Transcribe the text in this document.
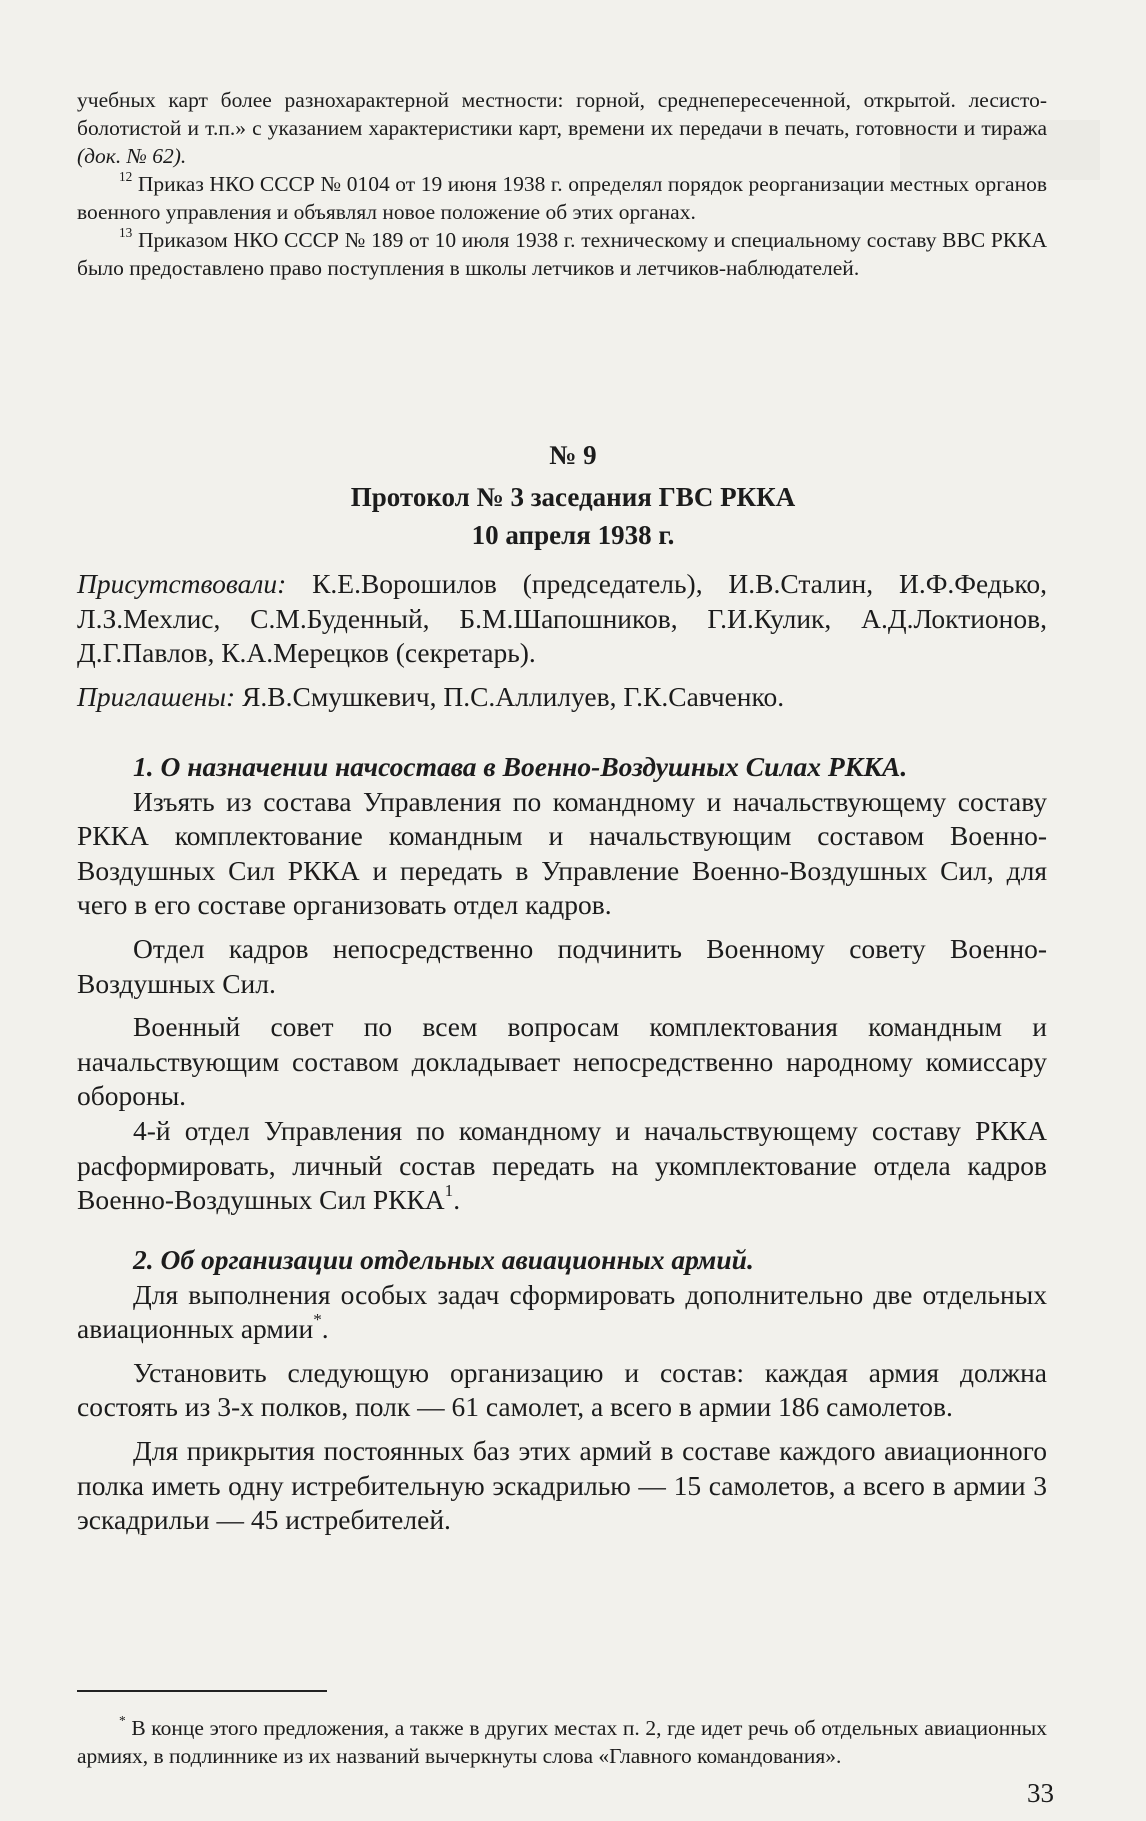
учебных карт более разнохарактерной местности: горной, среднепересеченной, открытой. лесисто-болотистой и т.п.» с указанием характеристики карт, времени их передачи в печать, готовности и тиража (док. № 62).

$^{12}$ Приказ НКО СССР № 0104 от 19 июня 1938 г. определял порядок реорганизации местных органов военного управления и объявлял новое положение об этих органах.

$^{13}$ Приказом НКО СССР № 189 от 10 июля 1938 г. техническому и специальному составу ВВС РККА было предоставлено право поступления в школы летчиков и летчиков-наблюдателей.

№ 9
Протокол № 3 заседания ГВС РККА
10 апреля 1938 г.

Присутствовали: К.Е.Ворошилов (председатель), И.В.Сталин, И.Ф.Федько, Л.З.Мехлис, С.М.Буденный, Б.М.Шапошников, Г.И.Кулик, А.Д.Локтионов, Д.Г.Павлов, К.А.Мерецков (секретарь).

Приглашены: Я.В.Смушкевич, П.С.Аллилуев, Г.К.Савченко.

1. О назначении начсостава в Военно-Воздушных Силах РККА.

Изъять из состава Управления по командному и начальствующему составу РККА комплектование командным и начальствующим составом Военно-Воздушных Сил РККА и передать в Управление Военно-Воздушных Сил, для чего в его составе организовать отдел кадров.

Отдел кадров непосредственно подчинить Военному совету Военно-Воздушных Сил.

Военный совет по всем вопросам комплектования командным и начальствующим составом докладывает непосредственно народному комиссару обороны.

4-й отдел Управления по командному и начальствующему составу РККА расформировать, личный состав передать на укомплектование отдела кадров Военно-Воздушных Сил РККА$^1$.

2. Об организации отдельных авиационных армий.

Для выполнения особых задач сформировать дополнительно две отдельных авиационных армии*.

Установить следующую организацию и состав: каждая армия должна состоять из 3-х полков, полк — 61 самолет, а всего в армии 186 самолетов.

Для прикрытия постоянных баз этих армий в составе каждого авиационного полка иметь одну истребительную эскадрилью — 15 самолетов, а всего в армии 3 эскадрильи — 45 истребителей.

* В конце этого предложения, а также в других местах п. 2, где идет речь об отдельных авиационных армиях, в подлиннике из их названий вычеркнуты слова «Главного командования».

33
